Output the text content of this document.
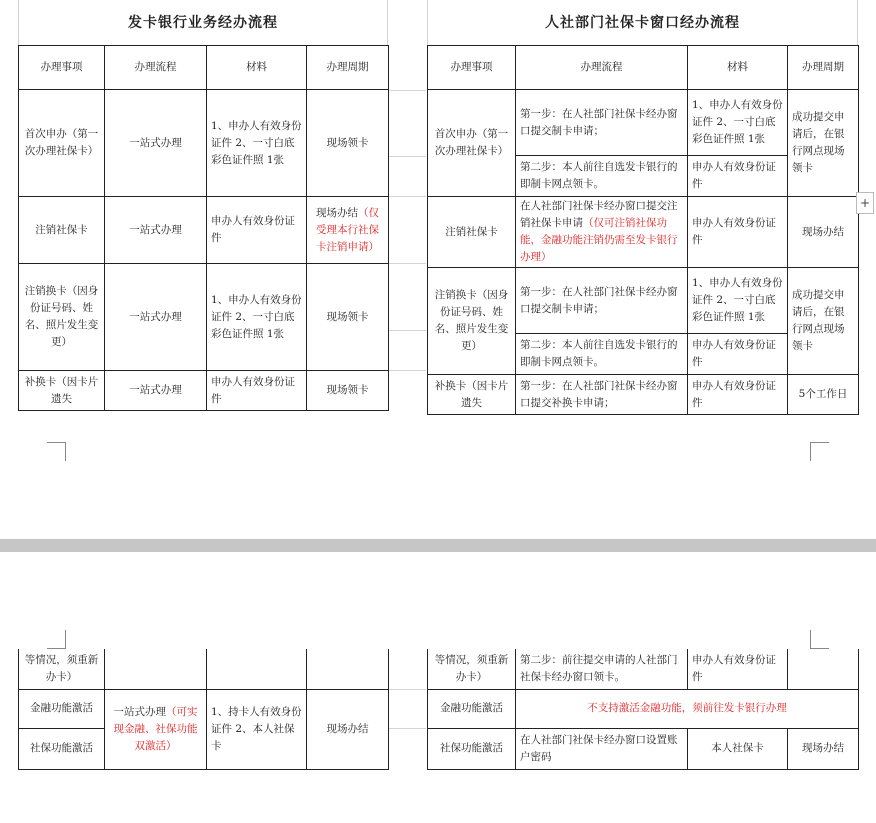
发卡银行业务经办流程	人社部门社保卡窗口经办流程
办理事项	办理流程	材料	办理周期
首次申办（第一次办理社保卡）	一站式办理	1、申办人有效身份证件 2、一寸白底彩色证件照 1张	现场领卡
注销社保卡	一站式办理	申办人有效身份证件	现场办结（仅受理本行社保卡注销申请）
注销换卡（因身份证号码、姓名、照片发生变更）	一站式办理	1、申办人有效身份证件 2、一寸白底彩色证件照 1张	现场领卡
补换卡（因卡片遗失	一站式办理	申办人有效身份证件	现场领卡
办理事项	办理流程	材料	办理周期
首次申办（第一次办理社保卡）	第一步：在人社部门社保卡经办窗口提交制卡申请；	1、申办人有效身份证件 2、一寸白底彩色证件照 1张	成功提交申请后，在银行网点现场领卡
	第二步：本人前往自选发卡银行的即制卡网点领卡。	申办人有效身份证件	
注销社保卡	在人社部门社保卡经办窗口提交注销社保卡申请（仅可注销社保功能，金融功能注销仍需至发卡银行办理）	申办人有效身份证件	现场办结
注销换卡（因身份证号码、姓名、照片发生变更）	第一步：在人社部门社保卡经办窗口提交制卡申请；	1、申办人有效身份证件 2、一寸白底彩色证件照 1张	成功提交申请后，在银行网点现场领卡
	第二步：本人前往自选发卡银行的即制卡网点领卡。	申办人有效身份证件	
补换卡（因卡片遗失	第一步：在人社部门社保卡经办窗口提交补换卡申请；	申办人有效身份证件	5个工作日
+
等情况，须重新办卡）			
金融功能激活	一站式办理（可实现金融、社保功能双激活）	1、持卡人有效身份证件 2、本人社保卡	现场办结
社保功能激活			
等情况，须重新办卡）	第二步：前往提交申请的人社部门社保卡经办窗口领卡。	申办人有效身份证件	
金融功能激活	不支持激活金融功能，须前往发卡银行办理		
社保功能激活	在人社部门社保卡经办窗口设置账户密码	本人社保卡	现场办结
